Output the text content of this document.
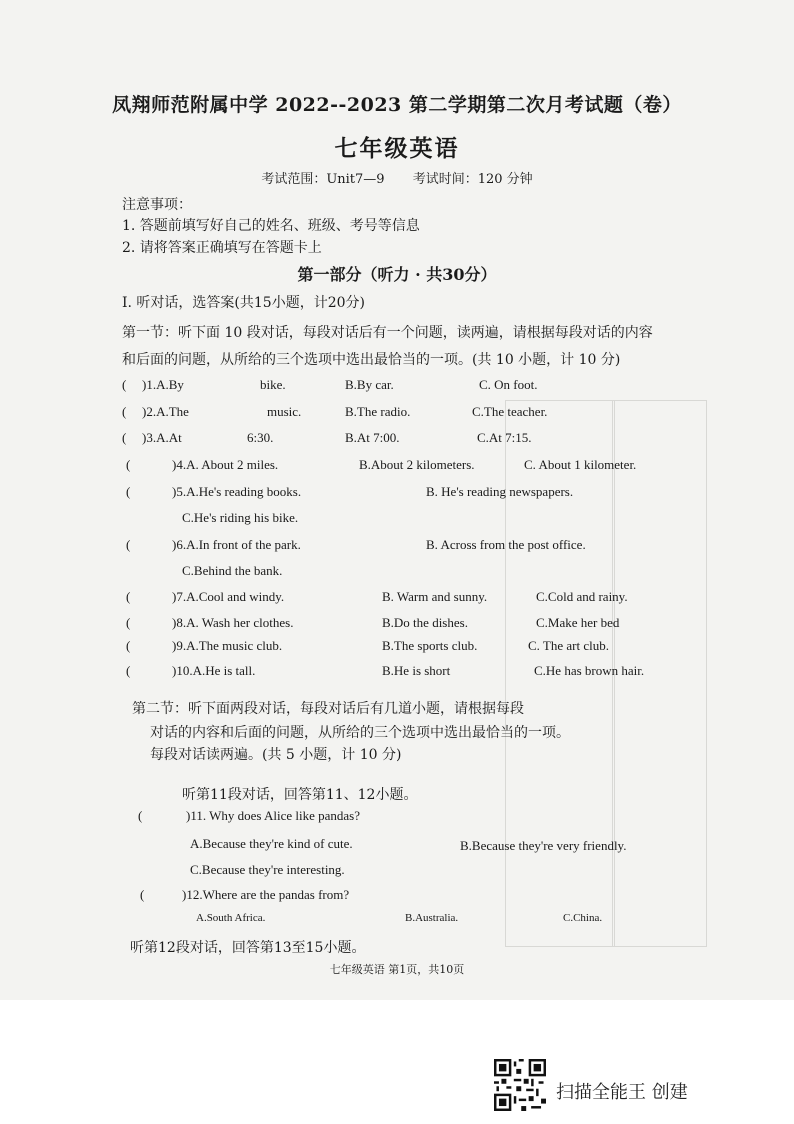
凤翔师范附属中学 2022--2023 第二学期第二次月考试题（卷）
七年级英语
考试范围：Unit7—9 考试时间：120 分钟
注意事项：
1. 答题前填写好自己的姓名、班级、考号等信息
2. 请将答案正确填写在答题卡上
第一部分（听力 · 共30分）
I. 听对话，选答案(共15小题，计20分)
第一节：听下面 10 段对话，每段对话后有一个问题，读两遍，请根据每段对话的内容
和后面的问题，从所给的三个选项中选出最恰当的一项。(共 10 小题，计 10 分)
( )1.A.By	bike.	B.By car.	C. On foot.
( )2.A.The	music.	B.The radio.	C.The teacher.
( )3.A.At	6:30.	B.At 7:00.	C.At 7:15.
(	)4.A. About 2 miles.	B.About 2 kilometers.	C. About 1 kilometer.
(	)5.A.He's reading books.	B. He's reading newspapers.
C.He's riding his bike.
(	)6.A.In front of the park.	B. Across from the post office.
C.Behind the bank.
(	)7.A.Cool and windy.	B. Warm and sunny.	C.Cold and rainy.
(	)8.A. Wash her clothes.	B.Do the dishes.	C.Make her bed
(	)9.A.The music club.	B.The sports club.	C. The art club.
(	)10.A.He is tall.	B.He is short	C.He has brown hair.
第二节：听下面两段对话，每段对话后有几道小题，请根据每段
对话的内容和后面的问题，从所给的三个选项中选出最恰当的一项。
每段对话读两遍。(共 5 小题，计 10 分)
听第11段对话，回答第11、12小题。
(	)11. Why does Alice like pandas?
A.Because they're kind of cute.	B.Because they're very friendly.
C.Because they're interesting.
(	)12.Where are the pandas from?
A.South Africa.	B.Australia.	C.China.
听第12段对话，回答第13至15小题。
七年级英语 第1页，共10页
扫描全能王 创建
